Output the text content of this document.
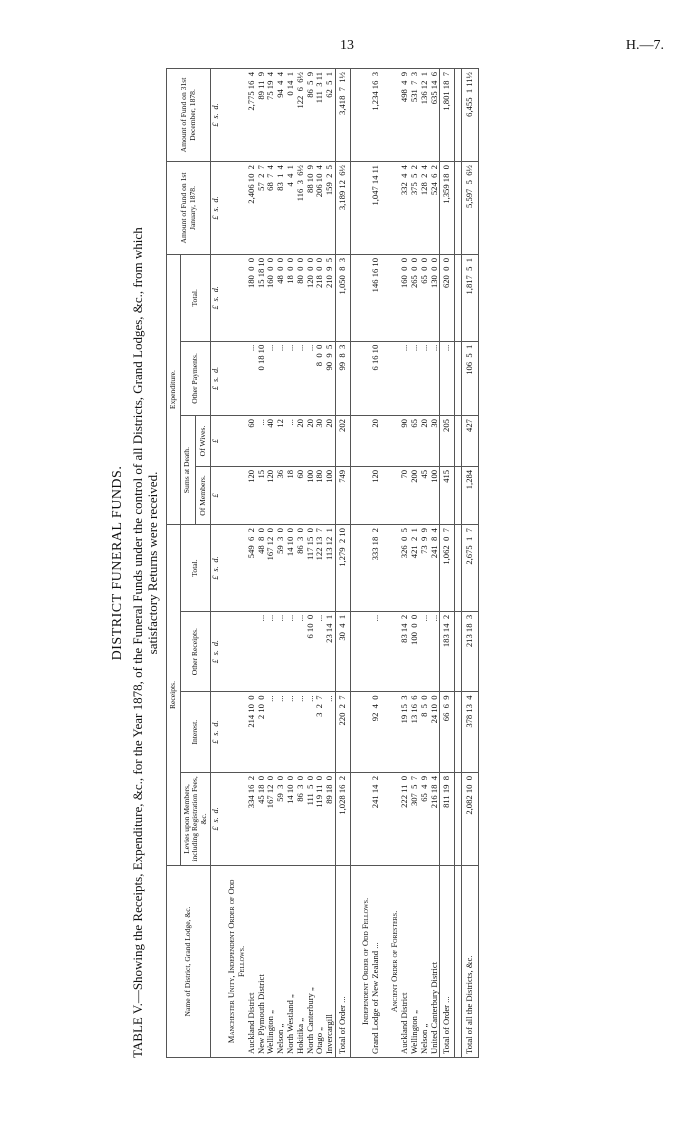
13	H.—7.
DISTRICT FUNERAL FUNDS. TABLE V.—Showing the Receipts, Expenditure, &c., for the Year 1878, of the Funeral Funds under the control of all Districts, Grand Lodges, &c., from which satisfactory Returns were received.
Name of District, Grand Lodge, &c.	Receipts.				Expenditure.				Amount of Fund on 1st January, 1878.	Amount of Fund on 31st December, 1878.
	Levies upon Members, including Registration Fees, &c.	Interest.	Other Receipts.	Total.	Sums at Death.		Other Payments.	Total.		
					Of Members.	Of Wives.				
	£  s.  d.	£  s.  d.	£  s.  d.	£  s.  d.	£	£	£  s.  d.	£  s.  d.	£  s.  d.	£  s.  d.
Manchester Unity, Independent Order of Odd Fellows.										
Auckland District	334 16  2	214 10  0		549  6  2	120	60	...	180  0  0	2,406 10  2	2,775 16  4
New Plymouth District	45 18  0	2 10  0	...	48  8  0	15	...	0 18 10	15 18 10	57  2  7	89 11  9
Wellington „	167 12  0	...	...	167 12  0	120	40	...	160  0  0	68  7  4	75 19  4
Nelson „	59  3  0	...	...	59  3  0	36	12	...	48  0  0	83  1  4	94  4  4
North Westland „	14 10  0	...	...	14 10  0	18	...	...	18  0  0	4  4  1	0 14  1
Hokitika „	86  3  0	...	...	86  3  0	60	20	...	80  0  0	116  3  6½	122  6  6½
North Canterbury „	111  5  0	...	6 10  0	117 15  0	100	20	...	120  0  0	88 10  9	86  5  9
Otago „	119 11  0	3  2  7	...	122 13  7	180	30	8  0  0	218  0  0	206 10  4	111  3 11
Invercargill	89 18  0	...	23 14  1	113 12  1	100	20	90  9  5	210  9  5	159  2  5	62  5  1
Total of Order ...	1,028 16  2	220  2  7	30  4  1	1,279  2 10	749	202	99  8  3	1,050  8  3	3,189 12  6½	3,418  7  1½

Independent Order of Odd Fellows.										
Grand Lodge of New Zealand ...	241 14  2	92  4  0	...	333 18  2	120	20	6 16 10	146 16 10	1,047 14 11	1,234 16  3

Ancient Order of Foresters.										
Auckland District	222 11  0	19 15  3	83 14  2	326  0  5	70	90	...	160  0  0	332  4  4	498  4  9
Wellington „	307  5  7	13 16  6	100  0  0	421  2  1	200	65	...	265  0  0	375  5  2	531  7  3
Nelson „	65  4  9	8  5  0	...	73  9  9	45	20	...	65  0  0	128  2  4	136 12  1
United Canterbury District	216 18  4	24 10  0	...	241  8  4	100	30	...	130  0  0	524  6  2	635 14  6
Total of Order ...	811 19  8	66  6  9	183 14  2	1,062  0  7	415	205	...	620  0  0	1,359 18  0	1,801 18  7

Total of all the Districts, &c.	2,082 10  0	378 13  4	213 18  3	2,675  1  7	1,284	427	106  5  1	1,817  5  1	5,597  5  6½	6,455  1 11½
